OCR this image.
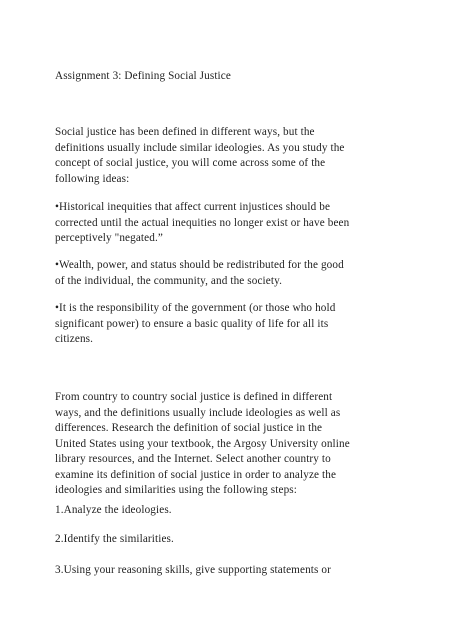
Assignment 3: Defining Social Justice

Social justice has been defined in different ways, but the
definitions usually include similar ideologies. As you study the
concept of social justice, you will come across some of the
following ideas:

•Historical inequities that affect current injustices should be
corrected until the actual inequities no longer exist or have been
perceptively "negated.”

•Wealth, power, and status should be redistributed for the good
of the individual, the community, and the society.

•It is the responsibility of the government (or those who hold
significant power) to ensure a basic quality of life for all its
citizens.

From country to country social justice is defined in different
ways, and the definitions usually include ideologies as well as
differences. Research the definition of social justice in the
United States using your textbook, the Argosy University online
library resources, and the Internet. Select another country to
examine its definition of social justice in order to analyze the
ideologies and similarities using the following steps:

1.Analyze the ideologies.

2.Identify the similarities.

3.Using your reasoning skills, give supporting statements or
